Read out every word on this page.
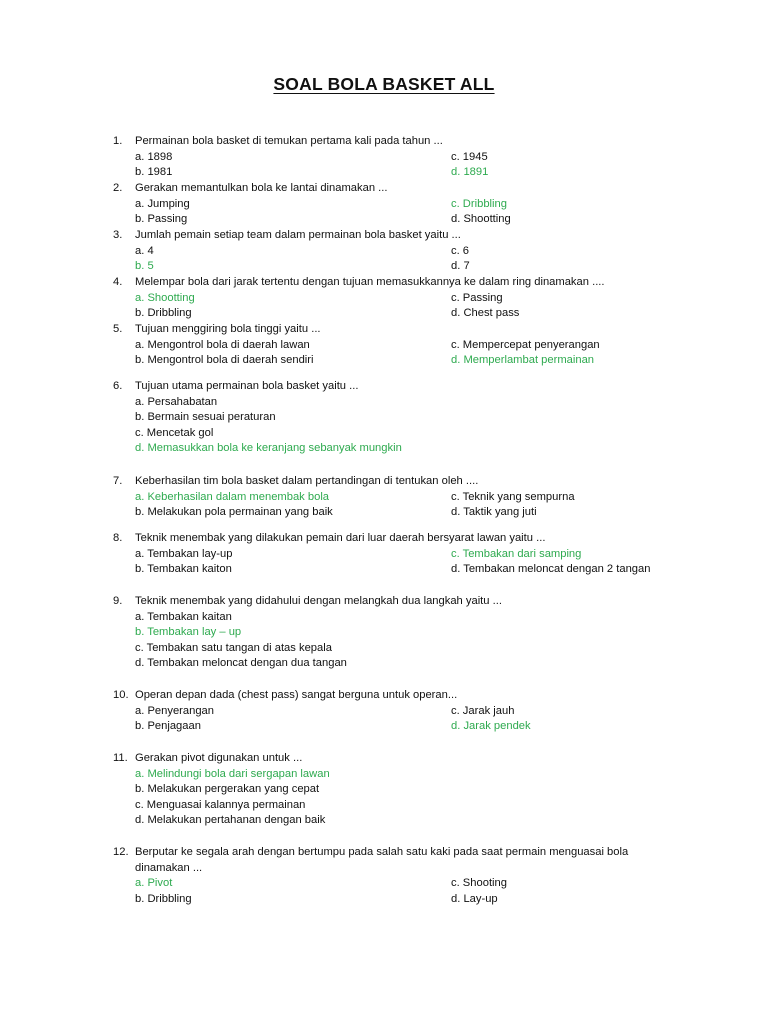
SOAL BOLA BASKET ALL
1.	Permainan bola basket di temukan pertama kali pada tahun ...
a. 1898	c. 1945
b. 1981	d. 1891
2.	Gerakan memantulkan bola ke lantai dinamakan ...
a. Jumping	c. Dribbling
b. Passing	d. Shootting
3.	Jumlah pemain setiap team dalam permainan bola basket yaitu ...
a. 4	c. 6
b. 5	d. 7
4.	Melempar bola dari jarak tertentu dengan tujuan memasukkannya ke dalam ring dinamakan ....
a. Shootting	c. Passing
b. Dribbling	d. Chest pass
5.	Tujuan menggiring bola tinggi yaitu ...
a. Mengontrol bola di daerah lawan	c. Mempercepat penyerangan
b. Mengontrol bola di daerah sendiri	d. Memperlambat permainan
6.	Tujuan utama permainan bola basket yaitu ...
a. Persahabatan
b. Bermain sesuai peraturan
c. Mencetak gol
d. Memasukkan bola ke keranjang sebanyak mungkin
7.	Keberhasilan tim bola basket dalam pertandingan di tentukan oleh ....
a. Keberhasilan dalam menembak bola	c. Teknik yang sempurna
b. Melakukan pola permainan yang baik	d. Taktik yang juti
8.	Teknik menembak yang dilakukan pemain dari luar daerah bersyarat lawan yaitu ...
a. Tembakan lay-up	c. Tembakan dari samping
b. Tembakan kaiton	d. Tembakan meloncat dengan 2 tangan
9.	Teknik menembak yang didahului dengan melangkah dua langkah yaitu ...
a. Tembakan kaitan
b. Tembakan lay – up
c. Tembakan satu tangan di atas kepala
d. Tembakan meloncat dengan dua tangan
10. Operan depan dada (chest pass) sangat berguna untuk operan...
a. Penyerangan	c. Jarak jauh
b. Penjagaan	d. Jarak pendek
11. Gerakan pivot digunakan untuk ...
a. Melindungi bola dari sergapan lawan
b. Melakukan pergerakan yang cepat
c. Menguasai kalannya permainan
d. Melakukan pertahanan dengan baik
12. Berputar ke segala arah dengan bertumpu pada salah satu kaki pada saat permain menguasai bola dinamakan ...
a. Pivot	c. Shooting
b. Dribbling	d. Lay-up
